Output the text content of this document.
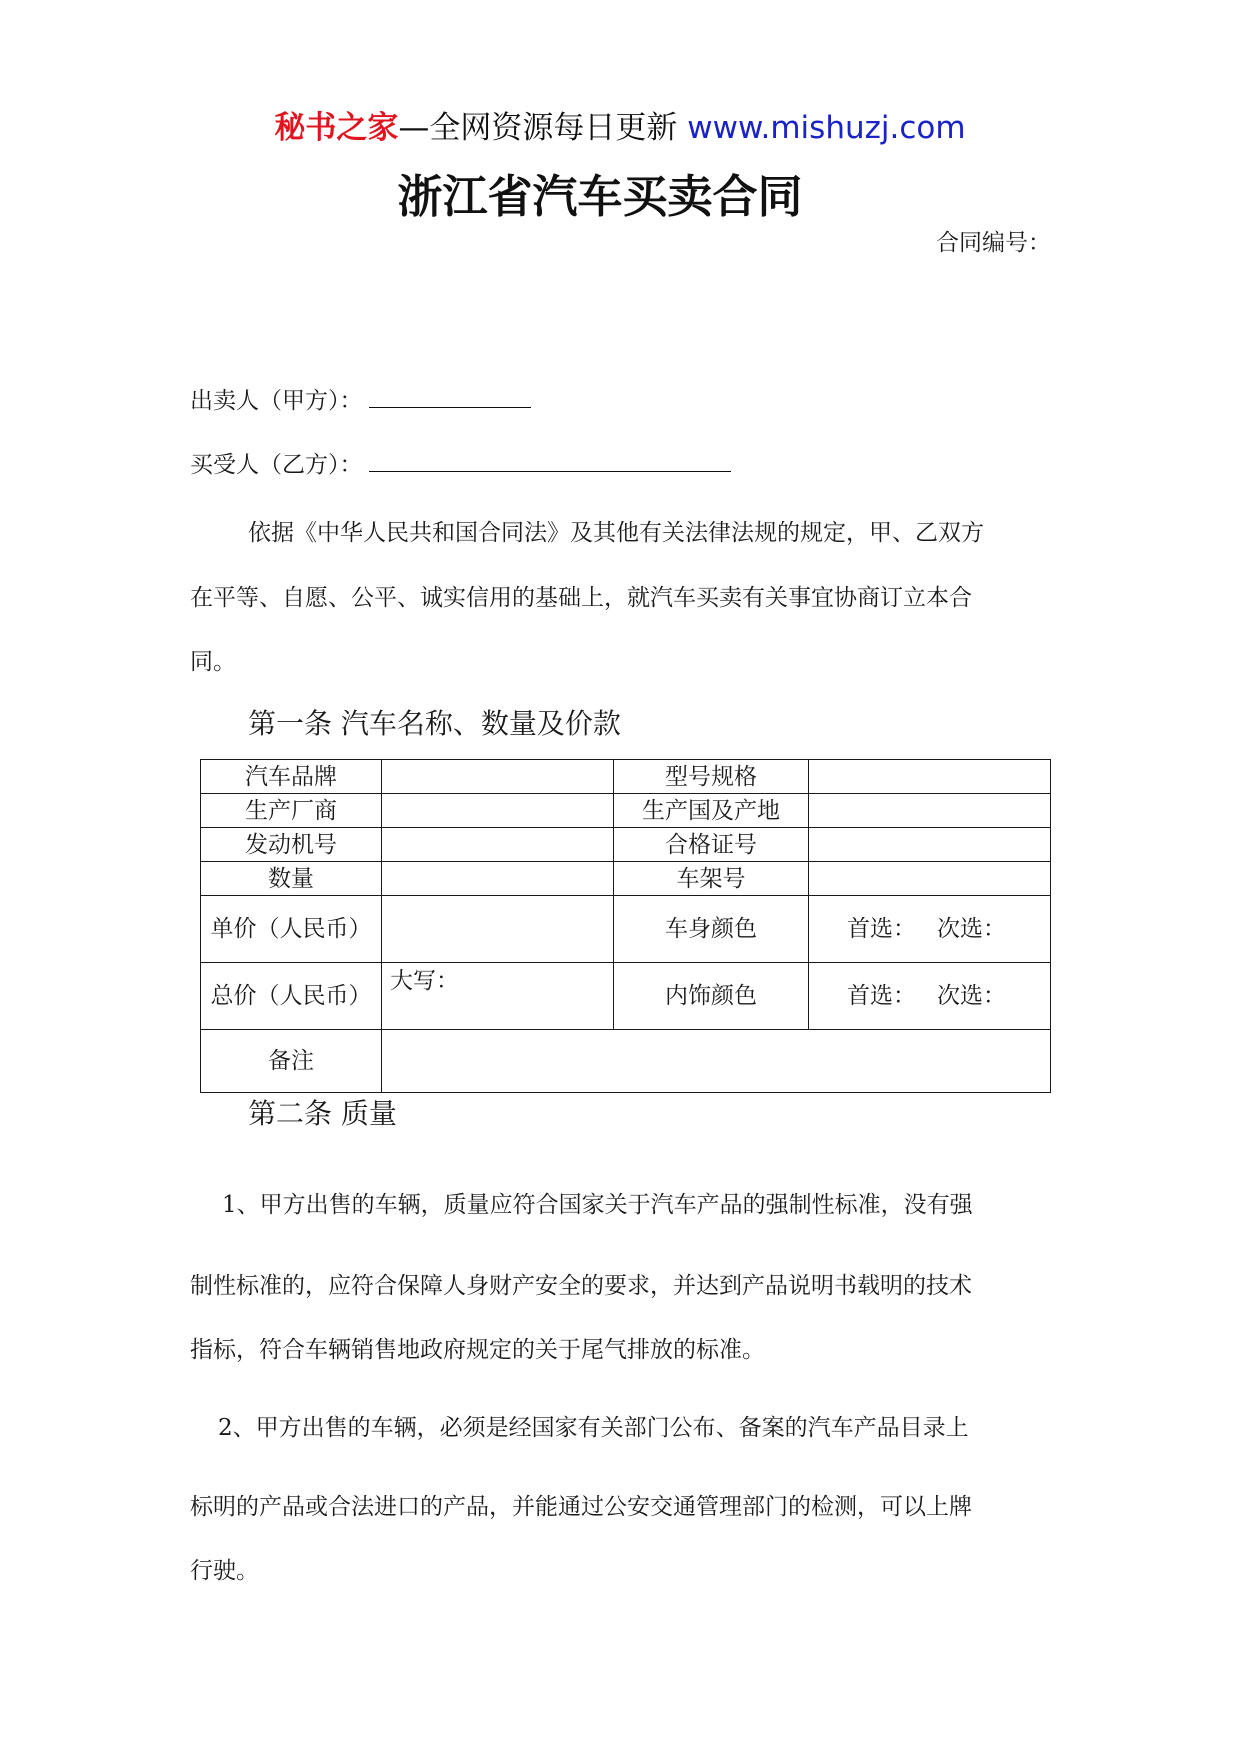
秘书之家—全网资源每日更新 www.mishuzj.com
浙江省汽车买卖合同
合同编号：
出卖人（甲方）：
买受人（乙方）：
依据《中华人民共和国合同法》及其他有关法律法规的规定，甲、乙双方
在平等、自愿、公平、诚实信用的基础上，就汽车买卖有关事宜协商订立本合
同。
第一条 汽车名称、数量及价款
汽车品牌		型号规格	
生产厂商		生产国及产地	
发动机号		合格证号	
数量		车架号	
单价（人民币）		车身颜色	首选： 次选：
总价（人民币）	大写：	内饰颜色	首选： 次选：
备注			
第二条 质量
1、甲方出售的车辆，质量应符合国家关于汽车产品的强制性标准，没有强
制性标准的，应符合保障人身财产安全的要求，并达到产品说明书载明的技术
指标，符合车辆销售地政府规定的关于尾气排放的标准。
2、甲方出售的车辆，必须是经国家有关部门公布、备案的汽车产品目录上
标明的产品或合法进口的产品，并能通过公安交通管理部门的检测，可以上牌
行驶。
